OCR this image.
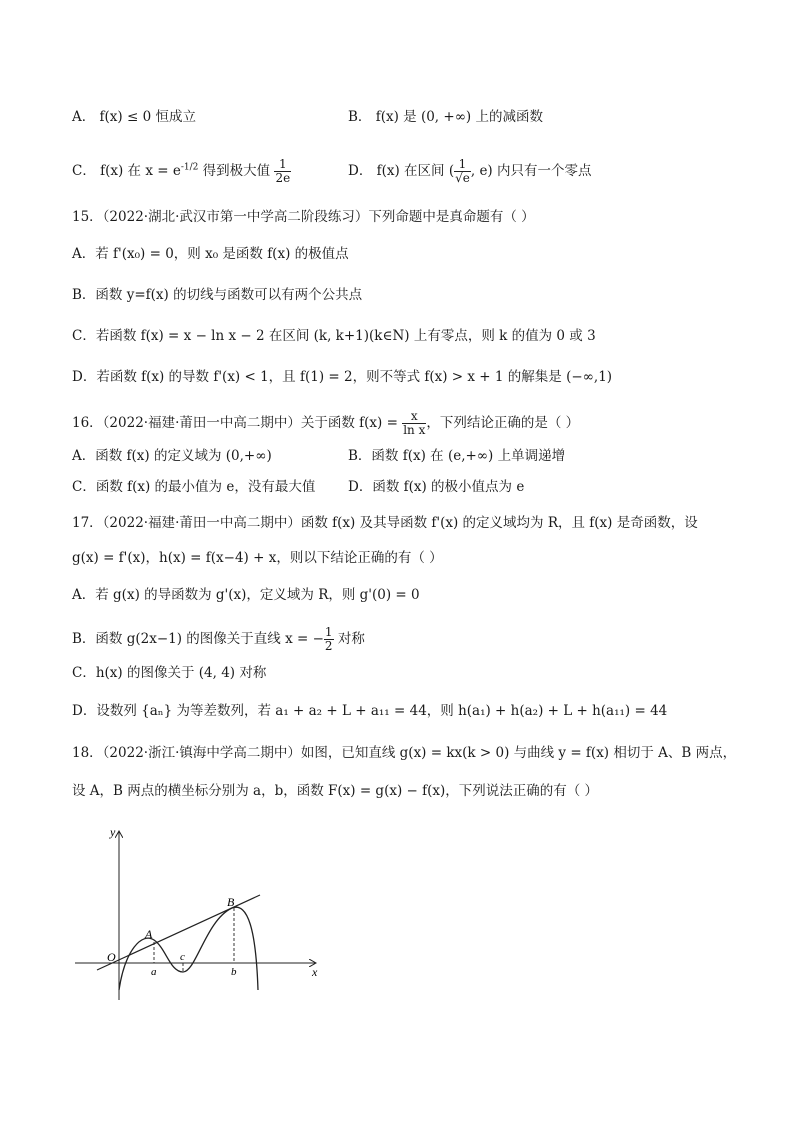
A． f(x) ≤ 0 恒成立	B． f(x) 是 (0, +∞) 上的减函数
C． f(x) 在 $x = e^{-1/2}$ 得到极大值 $\frac{1}{2e}$	D． f(x) 在区间 ( $\frac{1}{√e}$ , e) 内只有一个零点
15．（2022·湖北·武汉市第一中学高二阶段练习）下列命题中是真命题有（ ）
A．若 f'(x₀) = 0，则 x₀ 是函数 f(x) 的极值点
B．函数 y=f(x) 的切线与函数可以有两个公共点
C．若函数 f(x) = x − ln x − 2 在区间 (k, k+1)(k∈N) 上有零点，则 k 的值为 0 或 3
D．若函数 f(x) 的导数 f'(x) < 1，且 f(1) = 2，则不等式 f(x) > x + 1 的解集是 (−∞,1)
16．（2022·福建·莆田一中高二期中）关于函数 $f(x) = \frac{x}{\text{ln x}}$ ，下列结论正确的是（ ）
A．函数 f(x) 的定义域为 (0,+∞)	B．函数 f(x) 在 (e,+∞) 上单调递增
C．函数 f(x) 的最小值为 e，没有最大值 D．函数 f(x) 的极小值点为 e
17．（2022·福建·莆田一中高二期中）函数 f(x) 及其导函数 f'(x) 的定义域均为 R，且 f(x) 是奇函数，设
g(x) = f'(x)，h(x) = f(x−4) + x，则以下结论正确的有（ ）
A．若 g(x) 的导函数为 g'(x)，定义域为 R，则 g'(0) = 0
B．函数 g(2x−1) 的图像关于直线 x = − $\frac{1}{2}$ 对称
C．h(x) 的图像关于 (4, 4) 对称
D．设数列 {aₙ} 为等差数列，若 a₁ + a₂ + L + a₁₁ = 44，则 h(a₁) + h(a₂) + L + h(a₁₁) = 44
18．（2022·浙江·镇海中学高二期中）如图，已知直线 g(x) = kx(k > 0) 与曲线 y = f(x) 相切于 A、B 两点，
设 A，B 两点的横坐标分别为 a，b，函数 F(x) = g(x) − f(x)，下列说法正确的有（ ）
y
x
O
A
B
a
c
b
